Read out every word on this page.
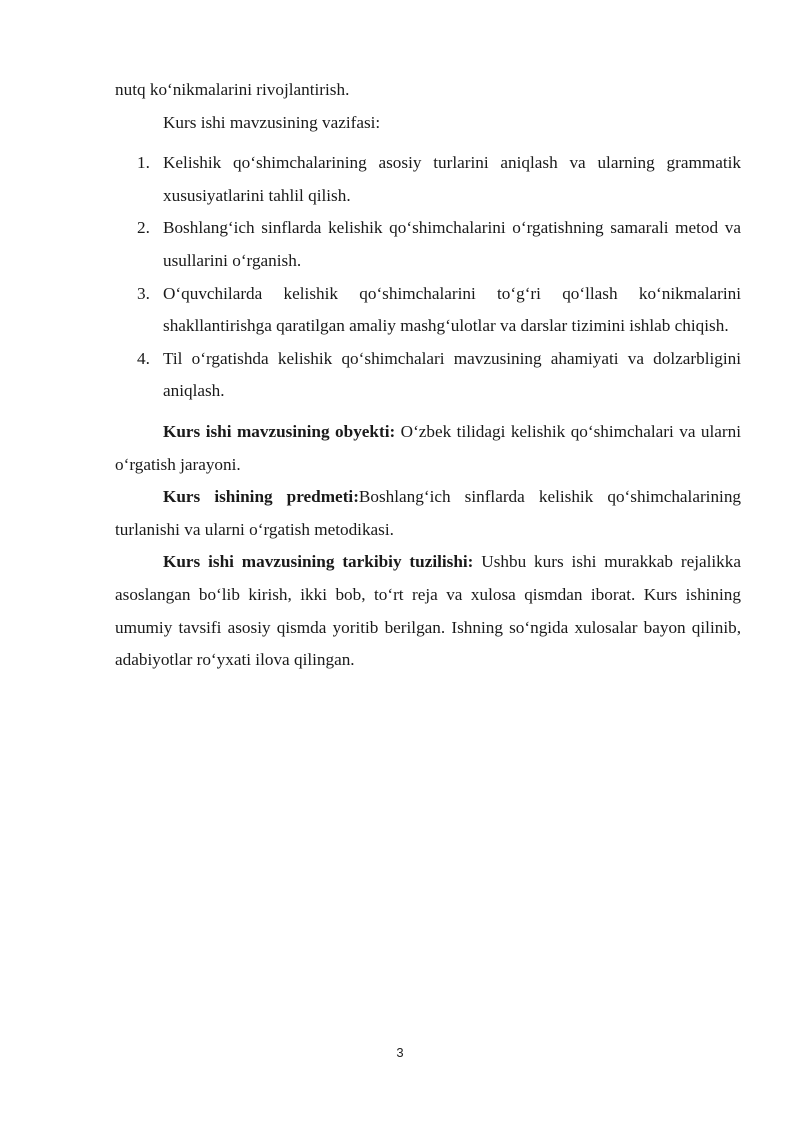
nutq ko‘nikmalarini rivojlantirish.

Kurs ishi mavzusining vazifasi:

1. Kelishik qo‘shimchalarining asosiy turlarini aniqlash va ularning grammatik xususiyatlarini tahlil qilish.
2. Boshlang‘ich sinflarda kelishik qo‘shimchalarini o‘rgatishning samarali metod va usullarini o‘rganish.
3. O‘quvchilarda kelishik qo‘shimchalarini to‘g‘ri qo‘llash ko‘nikmalarini shakllantirishga qaratilgan amaliy mashg‘ulotlar va darslar tizimini ishlab chiqish.
4. Til o‘rgatishda kelishik qo‘shimchalari mavzusining ahamiyati va dolzarbligini aniqlash.

Kurs ishi mavzusining obyekti: O‘zbek tilidagi kelishik qo‘shimchalari va ularni o‘rgatish jarayoni.

Kurs ishining predmeti:Boshlang‘ich sinflarda kelishik qo‘shimchalarining turlanishi va ularni o‘rgatish metodikasi.

Kurs ishi mavzusining tarkibiy tuzilishi: Ushbu kurs ishi murakkab rejalikka asoslangan bo‘lib kirish, ikki bob, to‘rt reja va xulosa qismdan iborat. Kurs ishining umumiy tavsifi asosiy qismda yoritib berilgan. Ishning so‘ngida xulosalar bayon qilinib, adabiyotlar ro‘yxati ilova qilingan.

3
